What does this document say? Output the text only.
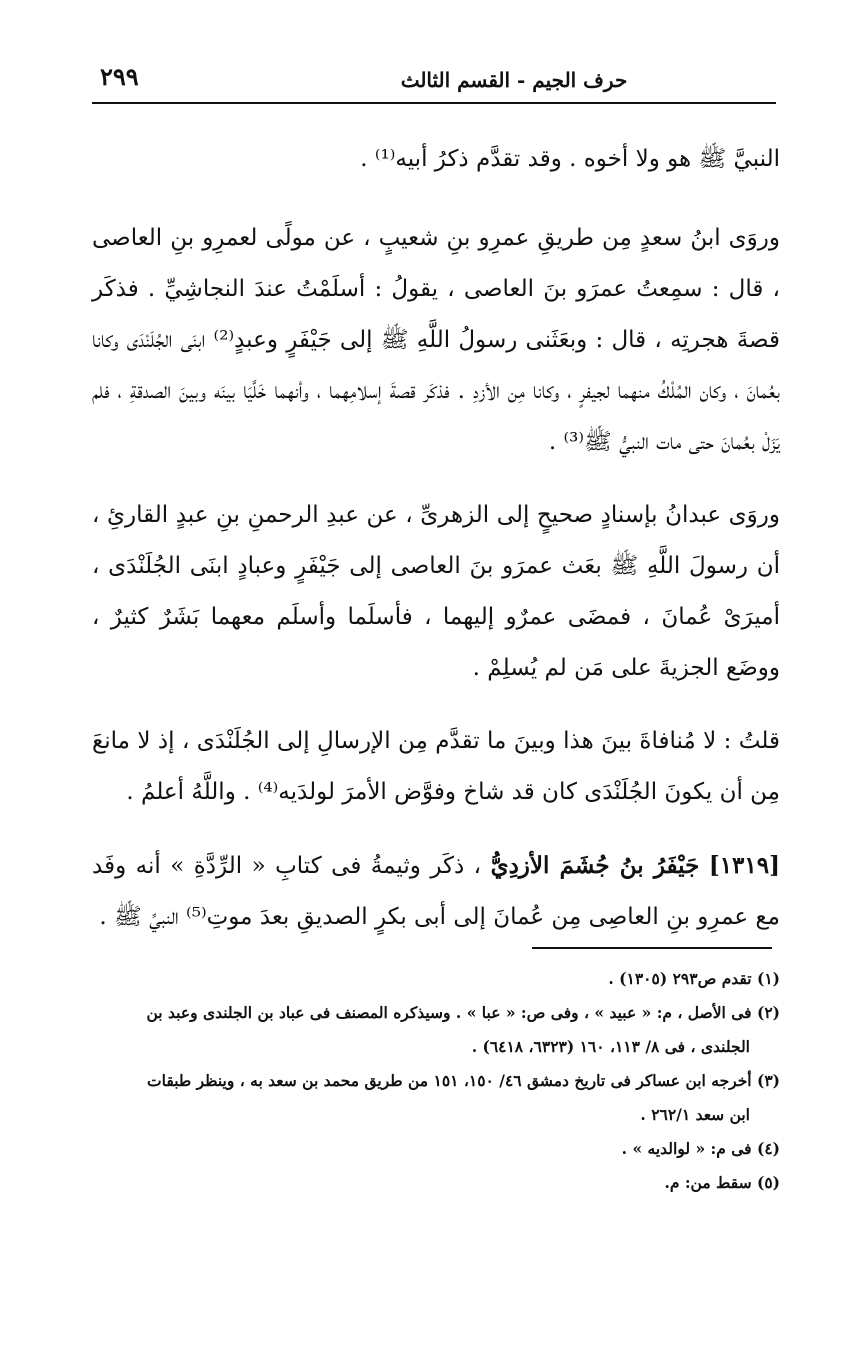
٢٩٩	حرف الجيم - القسم الثالث

النبيَّ ﷺ هو ولا أخوه . وقد تقدَّم ذكرُ أبيه⁽¹⁾ .

وروَى ابنُ سعدٍ مِن طريقِ عمرِو بنِ شعيبٍ ، عن مولًى لعمرِو بنِ العاصى ، قال : سمِعتُ عمرَو بنَ العاصى ، يقولُ : أسلَمْتُ عندَ النجاشِيِّ . فذكَر قصةَ هجرتِه ، قال : وبعَثَنى رسولُ اللَّهِ ﷺ إلى جَيْفَرٍ وعبدٍ⁽²⁾ ابنَى الجُلَنْدَى وكانا بعُمانَ ، وكان المُلْكُ منهما لجيفرٍ ، وكانا مِن الأزدِ . فذكَر قصةَ إسلامِهما ، وأنهما خَلَّيَا بينَه وبينَ الصدقةِ ، فلم يَزَلْ بعُمانَ حتى مات النبيُّ ﷺ⁽³⁾ .

وروَى عبدانُ بإسنادٍ صحيحٍ إلى الزهرىِّ ، عن عبدِ الرحمنِ بنِ عبدٍ القارئِ ، أن رسولَ اللَّهِ ﷺ بعَث عمرَو بنَ العاصى إلى جَيْفَرٍ وعبادٍ ابنَى الجُلَنْدَى ، أميرَىْ عُمانَ ، فمضَى عمرٌو إليهما ، فأسلَما وأسلَم معهما بَشَرٌ كثيرٌ ، ووضَع الجزيةَ على مَن لم يُسلِمْ .

قلتُ : لا مُنافاةَ بينَ هذا وبينَ ما تقدَّم مِن الإرسالِ إلى الجُلَنْدَى ، إذ لا مانعَ مِن أن يكونَ الجُلَنْدَى كان قد شاخ وفوَّض الأمرَ لولدَيه⁽⁴⁾ . واللَّهُ أعلمُ .

[١٣١٩] جَيْفَرُ بنُ جُشَمَ الأزدِيُّ ، ذكَر وثيمةُ فى كتابِ « الرِّدَّةِ » أنه وفَد مع عمرِو بنِ العاصِى مِن عُمانَ إلى أبى بكرٍ الصديقِ بعدَ موتِ⁽⁵⁾ النبيِّ ﷺ .

(١) تقدم ص٢٩٣ (١٣٠٥) .

(٢) فى الأصل ، م: « عبيد » ، وفى ص: « عبا » . وسيذكره المصنف فى عباد بن الجلندى وعبد بن
الجلندى ، فى ٨/ ١١٣، ١٦٠ (٦٣٢٣، ٦٤١٨) .

(٣) أخرجه ابن عساكر فى تاريخ دمشق ٤٦/ ١٥٠، ١٥١ من طريق محمد بن سعد به ، وينظر طبقات
ابن سعد ٢٦٢/١ .

(٤) فى م: « لوالديه » .

(٥) سقط من: م.
